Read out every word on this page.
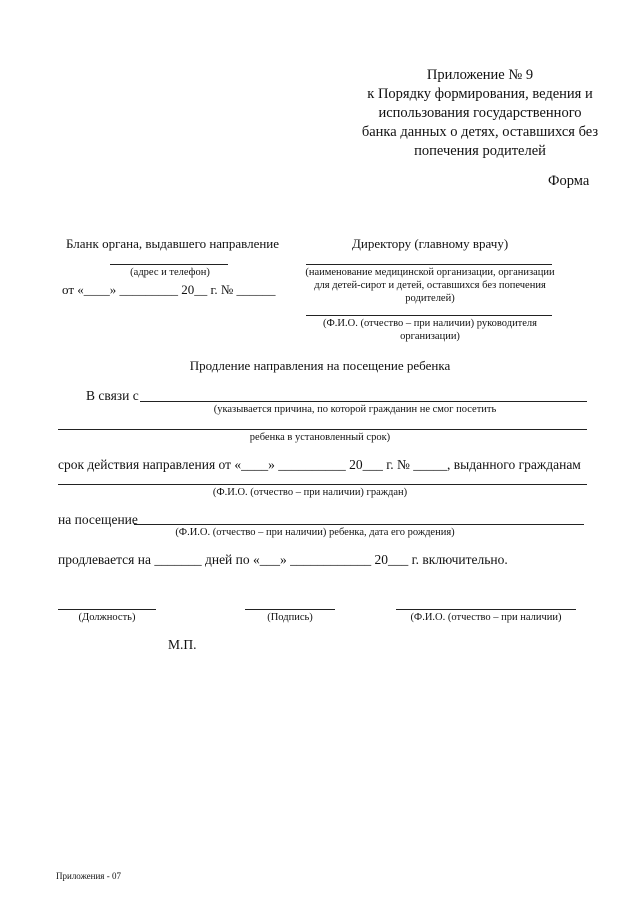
Приложение № 9
к Порядку формирования, ведения и
использования государственного
банка данных о детях, оставшихся без
попечения родителей
Форма
Бланк органа, выдавшего направление
(адрес и телефон)
от «____» _________ 20__ г. № ______
Директору (главному врачу)
(наименование медицинской организации, организации
для детей-сирот и детей, оставшихся без попечения
родителей)
(Ф.И.О. (отчество – при наличии) руководителя
организации)
Продление направления на посещение ребенка
В связи с
(указывается причина, по которой гражданин не смог посетить
ребенка в установленный срок)
срок действия направления от «____» __________ 20___ г. № _____, выданного гражданам
(Ф.И.О. (отчество – при наличии) граждан)
на посещение
(Ф.И.О. (отчество – при наличии) ребенка, дата его рождения)
продлевается на _______ дней по «___» ____________ 20___ г. включительно.
(Должность)	(Подпись)	(Ф.И.О. (отчество – при наличии)
М.П.
Приложения - 07
